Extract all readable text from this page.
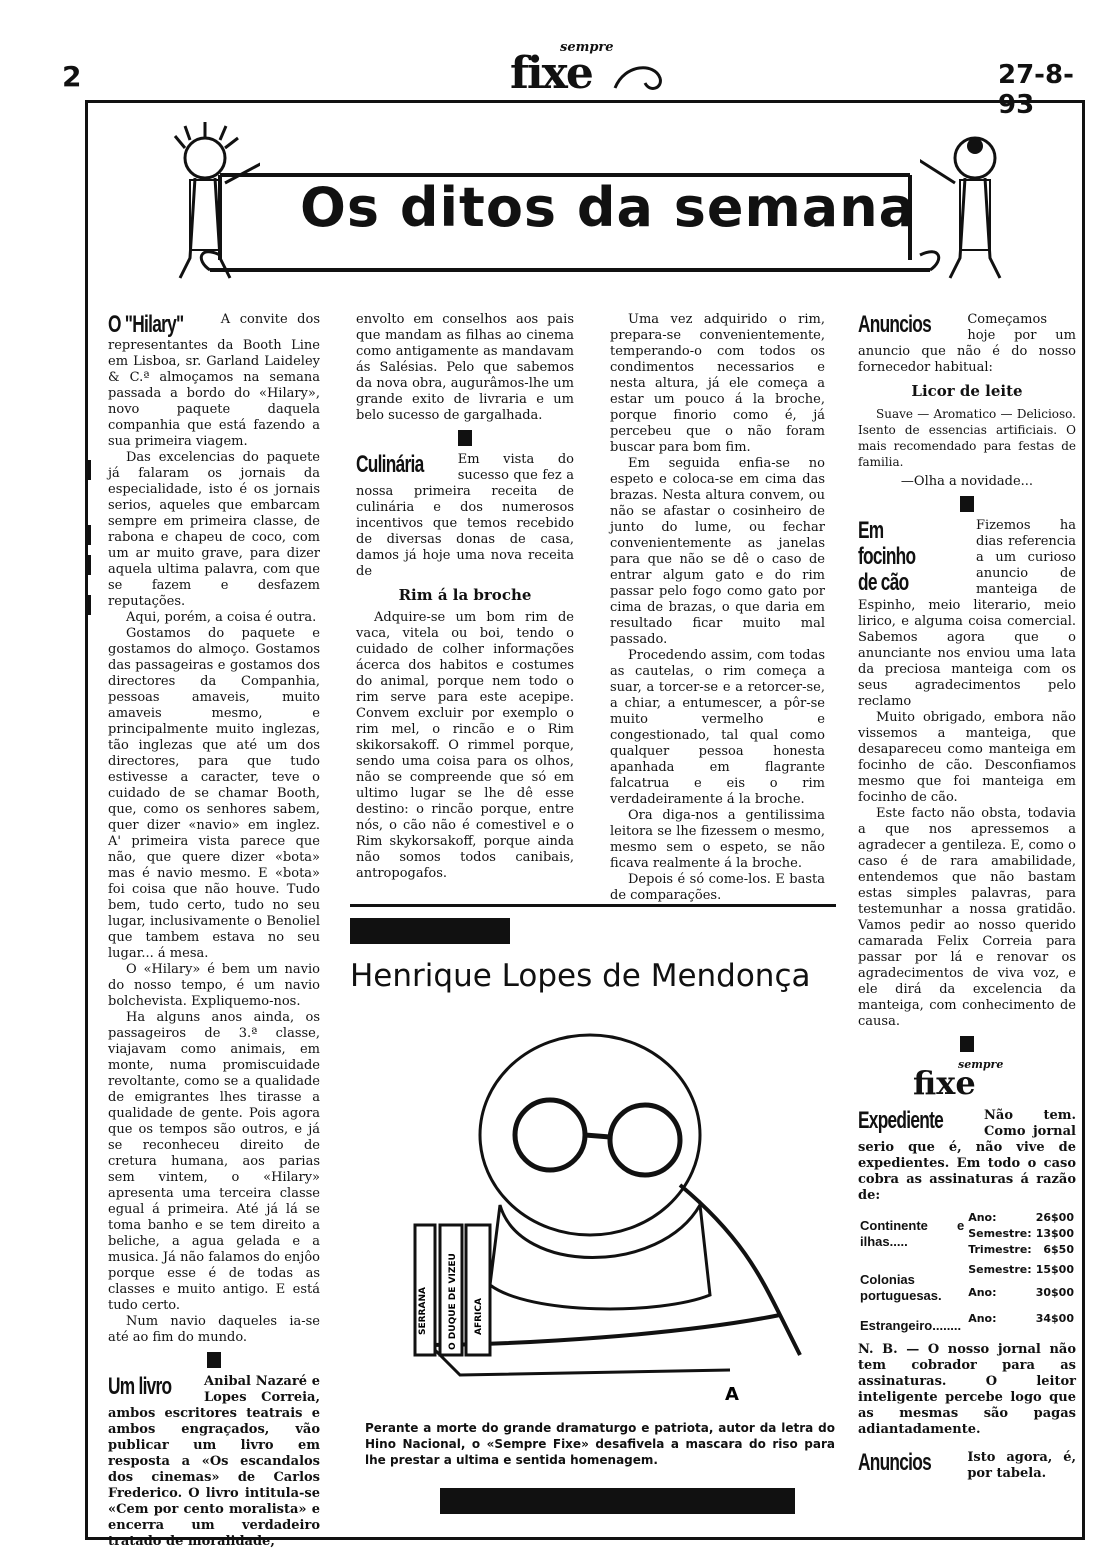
2
sempre
fixe	27-8-93
Os ditos da semana
O "Hilary"	A convite dos representantes da Booth Line em Lisboa, sr. Garland Laideley & C.ª almoçamos na semana passada a bordo do «Hilary», novo paquete daquela companhia que está fazendo a sua primeira viagem.

Das excelencias do paquete já falaram os jornais da especialidade, isto é os jornais serios, aqueles que embarcam sempre em primeira classe, de rabona e chapeu de coco, com um ar muito grave, para dizer aquela ultima palavra, com que se fazem e desfazem reputações.

Aqui, porém, a coisa é outra.

Gostamos do paquete e gostamos do almoço. Gostamos das passageiras e gostamos dos directores da Companhia, pessoas amaveis, muito amaveis mesmo, e principalmente muito inglezas, tão inglezas que até um dos directores, para que tudo estivesse a caracter, teve o cuidado de se chamar Booth, que, como os senhores sabem, quer dizer «navio» em inglez. A' primeira vista parece que não, que quere dizer «bota» mas é navio mesmo. E «bota» foi coisa que não houve. Tudo bem, tudo certo, tudo no seu lugar, inclusivamente o Benoliel que tambem estava no seu lugar... á mesa.

O «Hilary» é bem um navio do nosso tempo, é um navio bolchevista. Expliquemo-nos.

Ha alguns anos ainda, os passageiros de 3.ª classe, viajavam como animais, em monte, numa promiscuidade revoltante, como se a qualidade de emigrantes lhes tirasse a qualidade de gente. Pois agora que os tempos são outros, e já se reconheceu direito de cretura humana, aos parias sem vintem, o «Hilary» apresenta uma terceira classe egual á primeira. Até já lá se toma banho e se tem direito a beliche, a agua gelada e a musica. Já não falamos do enjôo porque esse é de todas as classes e muito antigo. E está tudo certo.

Num navio daqueles ia-se até ao fim do mundo.

Um livro	Anibal Nazaré e Lopes Correia, ambos escritores teatrais e ambos engraçados, vão publicar um livro em resposta a «Os escandalos dos cinemas» de Carlos Frederico. O livro intitula-se «Cem por cento moralista» e encerra um verdadeiro tratado de moralidade,

envolto em conselhos aos pais que mandam as filhas ao cinema como antigamente as mandavam ás Salésias. Pelo que sabemos da nova obra, augurâmos-lhe um grande exito de livraria e um belo sucesso de gargalhada.

Culinária	Em vista do sucesso que fez a nossa primeira receita de culinária e dos numerosos incentivos que temos recebido de diversas donas de casa, damos já hoje uma nova receita de

Rim á la broche

Adquire-se um bom rim de vaca, vitela ou boi, tendo o cuidado de colher informações ácerca dos habitos e costumes do animal, porque nem todo o rim serve para este acepipe. Convem excluir por exemplo o rim mel, o rincão e o Rim skikorsakoff. O rimmel porque, sendo uma coisa para os olhos, não se compreende que só em ultimo lugar se lhe dê esse destino: o rincão porque, entre nós, o cão não é comestivel e o Rim skykorsakoff, porque ainda não somos todos canibais, antropogafos.

Uma vez adquirido o rim, prepara-se convenientemente, temperando-o com todos os condimentos necessarios e nesta altura, já ele começa a estar um pouco á la broche, porque finorio como é, já percebeu que o não foram buscar para bom fim.

Em seguida enfia-se no espeto e coloca-se em cima das brazas. Nesta altura convem, ou não se afastar o cosinheiro de junto do lume, ou fechar convenientemente as janelas para que não se dê o caso de entrar algum gato e do rim passar pelo fogo como gato por cima de brazas, o que daria em resultado ficar muito mal passado.

Procedendo assim, com todas as cautelas, o rim começa a suar, a torcer-se e a retorcer-se, a chiar, a entumescer, a pôr-se muito vermelho e congestionado, tal qual como qualquer pessoa honesta apanhada em flagrante falcatrua e eis o rim verdadeiramente á la broche.

Ora diga-nos a gentilissima leitora se lhe fizessem o mesmo, mesmo sem o espeto, se não ficava realmente á la broche.

Depois é só come-los. E basta de comparações.

Anuncios	Começamos hoje por um anuncio que não é do nosso fornecedor habitual:

Licor de leite

Suave — Aromatico — Delicioso. Isento de essencias artificiais. O mais recomendado para festas de familia.

—Olha a novidade...

Em focinho de cão

Fizemos ha dias referencia a um curioso anuncio de manteiga de Espinho, meio literario, meio lirico, e alguma coisa comercial. Sabemos agora que o anunciante nos enviou uma lata da preciosa manteiga com os seus agradecimentos pelo reclamo

Muito obrigado, embora não vissemos a manteiga, que desapareceu como manteiga em focinho de cão. Desconfiamos mesmo que foi manteiga em focinho de cão.

Este facto não obsta, todavia a que nos apressemos a agradecer a gentileza. E, como o caso é de rara amabilidade, entendemos que não bastam estas simples palavras, para testemunhar a nossa gratidão. Vamos pedir ao nosso querido camarada Felix Correia para passar por lá e renovar os agradecimentos de viva voz, e ele dirá da excelencia da manteiga, com conhecimento de causa.

sempre
fixe
Expediente	Não tem. Como jornal serio que é, não vive de expedientes. Em todo o caso cobra as assinaturas á razão de:

Continente e ilhas.....	Ano:	26$00
	Semestre:	13$00
	Trimestre:	6$50
Colonias portuguesas.	Semestre:	15$00
	Ano:	30$00
Estrangeiro........	Ano:	34$00

N. B. — O nosso jornal não tem cobrador para as assinaturas. O leitor inteligente percebe logo que as mesmas são pagas adiantadamente.

Anuncios	Isto agora, é, por tabela.

Henrique Lopes de Mendonça
SERRANA O DUQUE DE VIZEU AFRICA
A
Perante a morte do grande dramaturgo e patriota, autor da letra do Hino Nacional, o «Sempre Fixe» desafivela a mascara do riso para lhe prestar a ultima e sentida homenagem.
